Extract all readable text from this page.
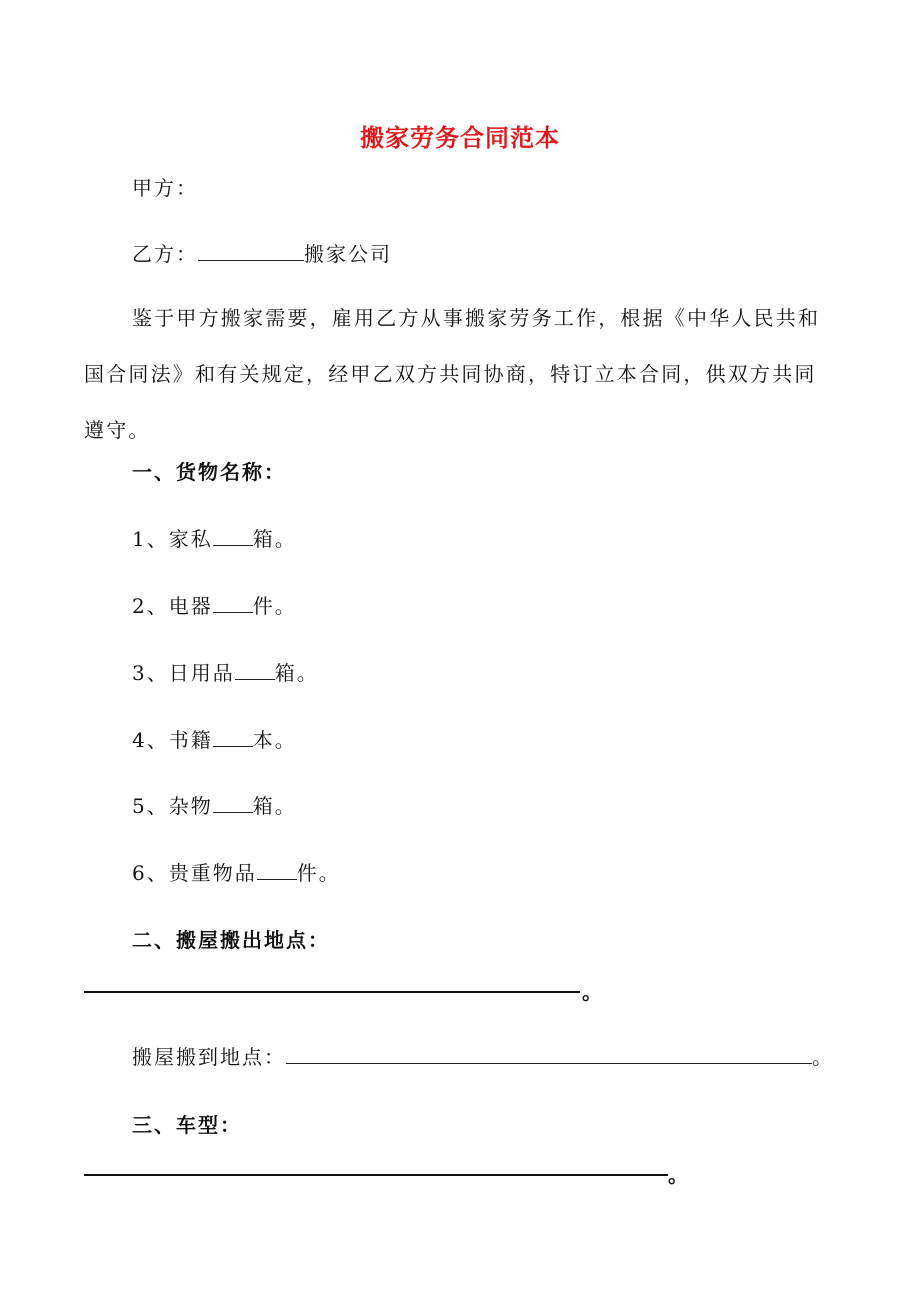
搬家劳务合同范本
甲方：
乙方：	搬家公司
鉴于甲方搬家需要，雇用乙方从事搬家劳务工作，根据《中华人民共和国合同法》和有关规定，经甲乙双方共同协商，特订立本合同，供双方共同遵守。
一、货物名称：
1、家私 箱。
2、电器 件。
3、日用品 箱。
4、书籍 本。
5、杂物 箱。
6、贵重物品 件。
二、搬屋搬出地点：
。
搬屋搬到地点：	。
三、车型：
。
